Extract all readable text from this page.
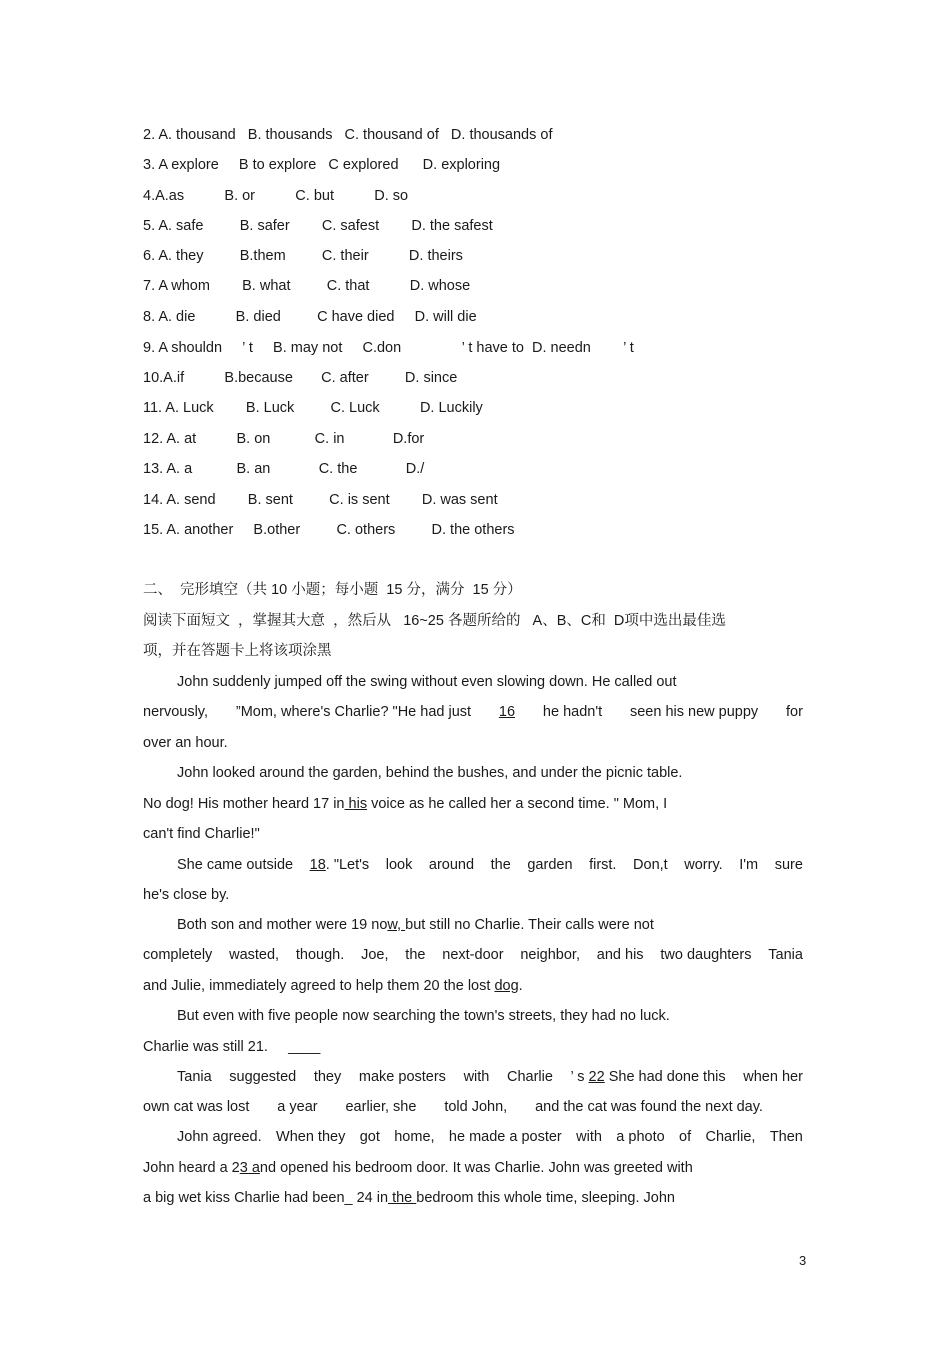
2. A. thousand   B. thousands   C. thousand of   D. thousands of
3. A explore     B to explore   C explored      D. exploring
4.A.as          B. or          C. but          D. so
5. A. safe         B. safer        C. safest        D. the safest
6. A. they         B.them         C. their          D. theirs
7. A whom        B. what         C. that          D. whose
8. A. die          B. died         C have died     D. will die
9. A shouldn     ’ t     B. may not     C.don               ’ t have to  D. needn        ’ t
10.A.if          B.because       C. after         D. since
11. A. Luck        B. Luck         C. Luck          D. Luckily
12. A. at          B. on           C. in            D.for
13. A. a           B. an            C. the            D./
14. A. send        B. sent         C. is sent        D. was sent
15. A. another     B.other         C. others         D. the others
二、  完形填空（共 10 小题；每小题  15 分，满分  15 分）
阅读下面短文  ，掌握其大意  ，然后从   16~25 各题所给的   A、B、C和  D项中选出最佳选
项，并在答题卡上将该项涂黑
John suddenly jumped off the swing without even slowing down. He called out
nervously, ”Mom, where's Charlie? "He had just 16 he hadn't seen his new puppy for
over an hour.
John looked around the garden, behind the bushes, and under the picnic table.
No dog! His mother heard 17 in his voice as he called her a second time. " Mom, I
can't find Charlie!"
She came outside 18. "Let's look around the garden first. Don,t worry. I'm sure
he's close by.
Both son and mother were 19 now, but still no Charlie. Their calls were not
completely wasted, though. Joe, the next-door neighbor, and his two daughters Tania
and Julie, immediately agreed to help them 20 the lost dog.
But even with five people now searching the town's streets, they had no luck.
Charlie was still 21.     ____
Tania suggested they make posters with Charlie ’ s 22 She had done this when her
own cat was lost a year earlier, she told John, and the cat was found the next day.
John agreed. When they got home, he made a poster with a photo of Charlie, Then
John heard a 23 and opened his bedroom door. It was Charlie. John was greeted with
a big wet kiss Charlie had been_ 24 in the bedroom this whole time, sleeping. John
3
